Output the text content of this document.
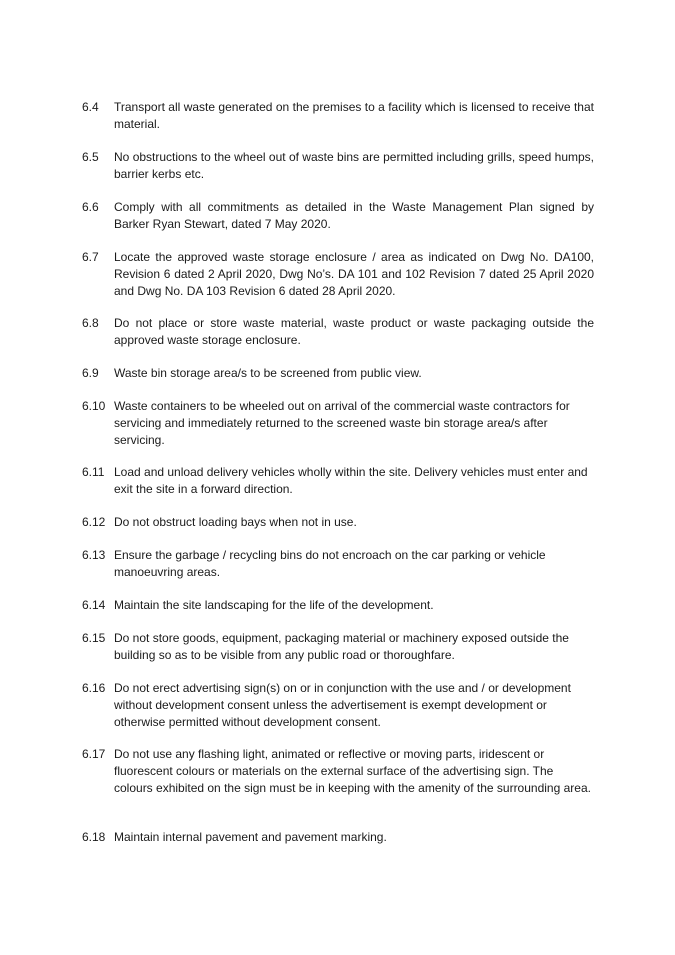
6.4	Transport all waste generated on the premises to a facility which is licensed to receive that material.
6.5	No obstructions to the wheel out of waste bins are permitted including grills, speed humps, barrier kerbs etc.
6.6	Comply with all commitments as detailed in the Waste Management Plan signed by Barker Ryan Stewart, dated 7 May 2020.
6.7	Locate the approved waste storage enclosure / area as indicated on Dwg No. DA100, Revision 6 dated 2 April 2020, Dwg No’s. DA 101 and 102 Revision 7 dated 25 April 2020 and Dwg No. DA 103 Revision 6 dated 28 April 2020.
6.8	Do not place or store waste material, waste product or waste packaging outside the approved waste storage enclosure.
6.9	Waste bin storage area/s to be screened from public view.
6.10 Waste containers to be wheeled out on arrival of the commercial waste contractors for servicing and immediately returned to the screened waste bin storage area/s after servicing.
6.11 Load and unload delivery vehicles wholly within the site. Delivery vehicles must enter and exit the site in a forward direction.
6.12 Do not obstruct loading bays when not in use.
6.13 Ensure the garbage / recycling bins do not encroach on the car parking or vehicle manoeuvring areas.
6.14 Maintain the site landscaping for the life of the development.
6.15 Do not store goods, equipment, packaging material or machinery exposed outside the building so as to be visible from any public road or thoroughfare.
6.16 Do not erect advertising sign(s) on or in conjunction with the use and / or development without development consent unless the advertisement is exempt development or otherwise permitted without development consent.
6.17 Do not use any flashing light, animated or reflective or moving parts, iridescent or fluorescent colours or materials on the external surface of the advertising sign. The colours exhibited on the sign must be in keeping with the amenity of the surrounding area.
6.18 Maintain internal pavement and pavement marking.
